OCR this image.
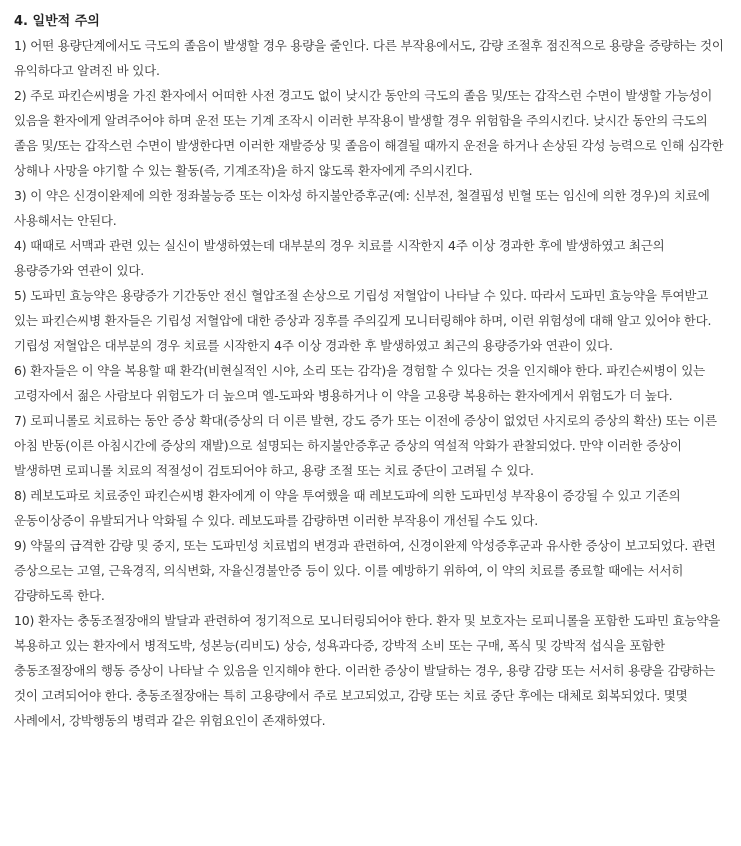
4. 일반적 주의

1) 어떤 용량단계에서도 극도의 졸음이 발생할 경우 용량을 줄인다. 다른 부작용에서도, 감량 조절후 점진적으로 용량을 증량하는 것이 유익하다고 알려진 바 있다.

2) 주로 파킨슨씨병을 가진 환자에서 어떠한 사전 경고도 없이 낮시간 동안의 극도의 졸음 및/또는 갑작스런 수면이 발생할 가능성이 있음을 환자에게 알려주어야 하며 운전 또는 기계 조작시 이러한 부작용이 발생할 경우 위험함을 주의시킨다. 낮시간 동안의 극도의 졸음 및/또는 갑작스런 수면이 발생한다면 이러한 재발증상 및 졸음이 해결될 때까지 운전을 하거나 손상된 각성 능력으로 인해 심각한 상해나 사망을 야기할 수 있는 활동(즉, 기계조작)을 하지 않도록 환자에게 주의시킨다.

3) 이 약은 신경이완제에 의한 정좌불능증 또는 이차성 하지불안증후군(예: 신부전, 철결핍성 빈혈 또는 임신에 의한 경우)의 치료에 사용해서는 안된다.

4) 때때로 서맥과 관련 있는 실신이 발생하였는데 대부분의 경우 치료를 시작한지 4주 이상 경과한 후에 발생하였고 최근의 용량증가와 연관이 있다.

5) 도파민 효능약은 용량증가 기간동안 전신 혈압조절 손상으로 기립성 저혈압이 나타날 수 있다. 따라서 도파민 효능약을 투여받고 있는 파킨슨씨병 환자들은 기립성 저혈압에 대한 증상과 징후를 주의깊게 모니터링해야 하며, 이런 위험성에 대해 알고 있어야 한다. 기립성 저혈압은 대부분의 경우 치료를 시작한지 4주 이상 경과한 후 발생하였고 최근의 용량증가와 연관이 있다.

6) 환자들은 이 약을 복용할 때 환각(비현실적인 시야, 소리 또는 감각)을 경험할 수 있다는 것을 인지해야 한다. 파킨슨씨병이 있는 고령자에서 젊은 사람보다 위험도가 더 높으며 엘-도파와 병용하거나 이 약을 고용량 복용하는 환자에게서 위험도가 더 높다.

7) 로피니롤로 치료하는 동안 증상 확대(증상의 더 이른 발현, 강도 증가 또는 이전에 증상이 없었던 사지로의 증상의 확산) 또는 이른 아침 반동(이른 아침시간에 증상의 재발)으로 설명되는 하지불안증후군 증상의 역설적 악화가 관찰되었다. 만약 이러한 증상이 발생하면 로피니롤 치료의 적절성이 검토되어야 하고, 용량 조절 또는 치료 중단이 고려될 수 있다.

8) 레보도파로 치료중인 파킨슨씨병 환자에게 이 약을 투여했을 때 레보도파에 의한 도파민성 부작용이 증강될 수 있고 기존의 운동이상증이 유발되거나 악화될 수 있다. 레보도파를 감량하면 이러한 부작용이 개선될 수도 있다.

9) 약물의 급격한 감량 및 중지, 또는 도파민성 치료법의 변경과 관련하여, 신경이완제 악성증후군과 유사한 증상이 보고되었다. 관련 증상으로는 고열, 근육경직, 의식변화, 자율신경불안증 등이 있다. 이를 예방하기 위하여, 이 약의 치료를 종료할 때에는 서서히 감량하도록 한다.

10) 환자는 충동조절장애의 발달과 관련하여 정기적으로 모니터링되어야 한다. 환자 및 보호자는 로피니롤을 포함한 도파민 효능약을 복용하고 있는 환자에서 병적도박, 성본능(리비도) 상승, 성욕과다증, 강박적 소비 또는 구매, 폭식 및 강박적 섭식을 포함한 충동조절장애의 행동 증상이 나타날 수 있음을 인지해야 한다. 이러한 증상이 발달하는 경우, 용량 감량 또는 서서히 용량을 감량하는 것이 고려되어야 한다. 충동조절장애는 특히 고용량에서 주로 보고되었고, 감량 또는 치료 중단 후에는 대체로 회복되었다. 몇몇 사례에서, 강박행동의 병력과 같은 위험요인이 존재하였다.
